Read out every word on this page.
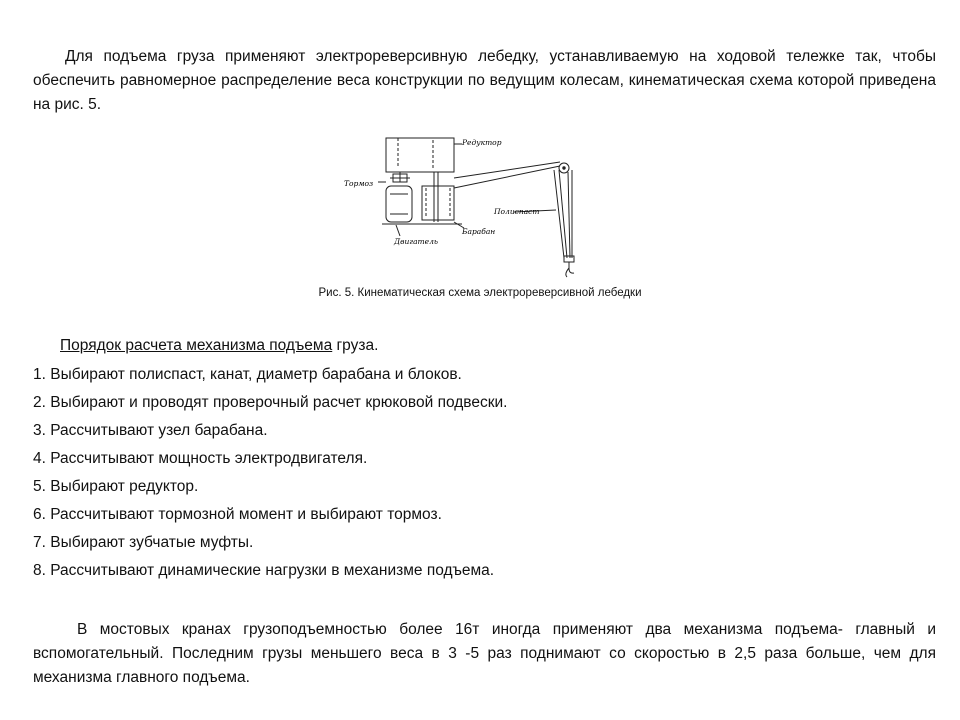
Для подъема груза применяют электрореверсивную лебедку, устанавливаемую на ходовой тележке так, чтобы обеспечить равномерное распределение веса конструкции по ведущим колесам, кинематическая схема которой приведена на рис. 5.

Редуктор
Тормоз
Полиспаст
Барабан
Двигатель

Рис. 5. Кинематическая схема электрореверсивной лебедки

Порядок расчета механизма подъема груза.

1. Выбирают полиспаст, канат, диаметр барабана и блоков.
2. Выбирают и проводят проверочный расчет крюковой подвески.
3. Рассчитывают узел барабана.
4. Рассчитывают мощность электродвигателя.
5. Выбирают редуктор.
6. Рассчитывают тормозной момент и выбирают тормоз.
7. Выбирают зубчатые муфты.
8. Рассчитывают динамические нагрузки в механизме подъема.

В мостовых кранах грузоподъемностью более 16т иногда применяют два механизма подъема- главный и вспомогательный. Последним грузы меньшего веса в 3 -5 раз поднимают со скоростью в 2,5 раза больше, чем для механизма главного подъема.
